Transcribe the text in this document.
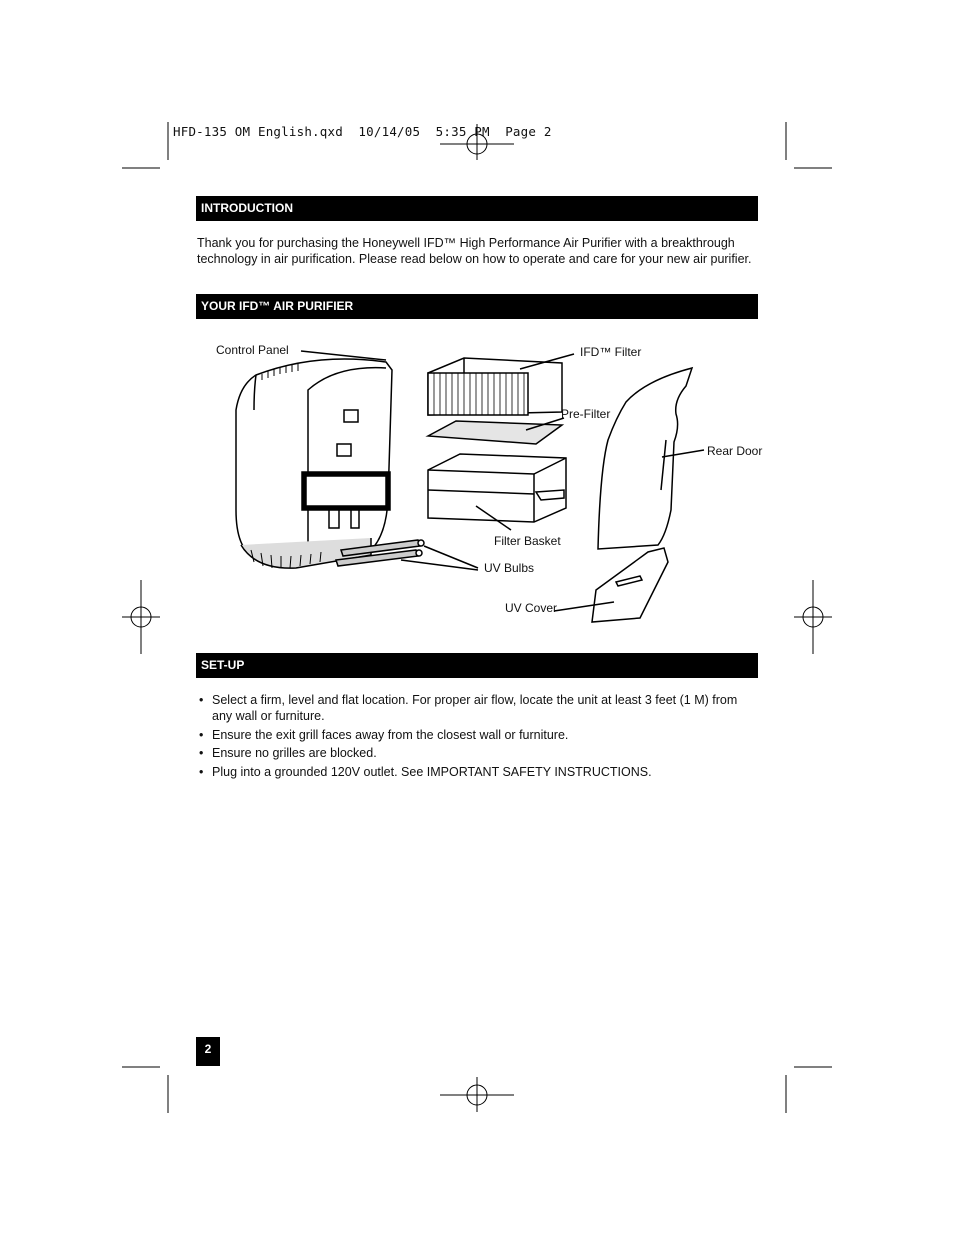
HFD-135 OM English.qxd  10/14/05  5:35 PM  Page 2
INTRODUCTION
Thank you for purchasing the Honeywell IFD™ High Performance Air Purifier with a breakthrough technology in air purification. Please read below on how to operate and care for your new air purifier.
YOUR IFD™ AIR PURIFIER
Control Panel	IFD™ Filter
Pre-Filter
Rear Door
Filter Basket
UV Bulbs
UV Cover
SET-UP
• Select a firm, level and flat location. For proper air flow, locate the unit at least 3 feet (1 M) from any wall or furniture.
• Ensure the exit grill faces away from the closest wall or furniture.
• Ensure no grilles are blocked.
• Plug into a grounded 120V outlet. See IMPORTANT SAFETY INSTRUCTIONS.
2
